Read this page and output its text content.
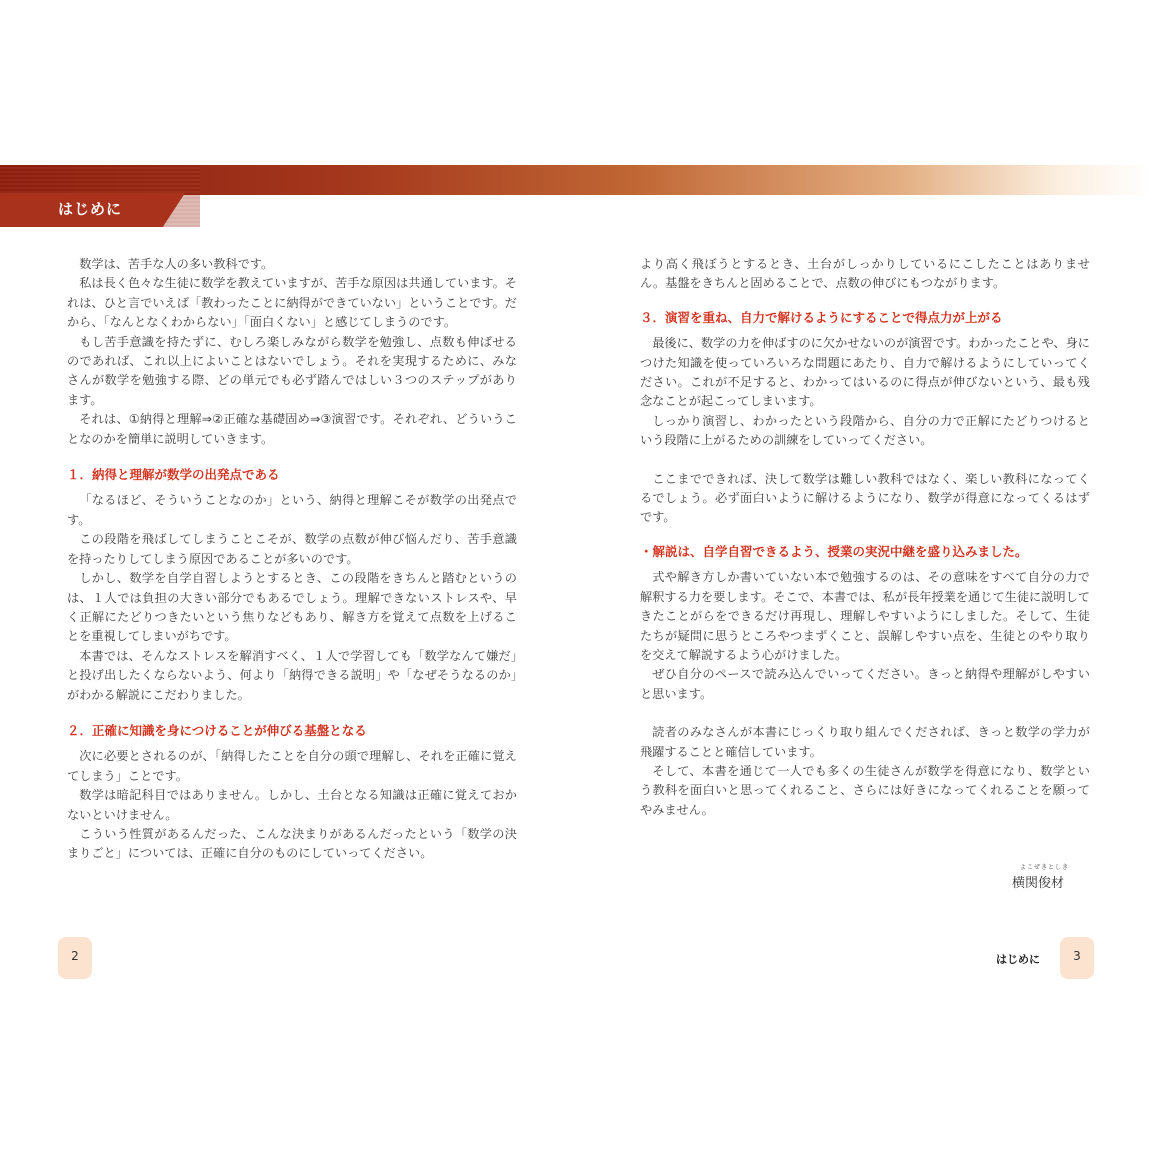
はじめに

数学は、苦手な人の多い教科です。

私は長く色々な生徒に数学を教えていますが、苦手な原因は共通しています。それは、ひと言でいえば「教わったことに納得ができていない」ということです。だから、「なんとなくわからない」「面白くない」と感じてしまうのです。

もし苦手意識を持たずに、むしろ楽しみながら数学を勉強し、点数も伸ばせるのであれば、これ以上によいことはないでしょう。それを実現するために、みなさんが数学を勉強する際、どの単元でも必ず踏んではしい３つのステップがあります。

それは、①納得と理解⇒②正確な基礎固め⇒③演習です。それぞれ、どういうことなのかを簡単に説明していきます。

１．納得と理解が数学の出発点である

「なるほど、そういうことなのか」という、納得と理解こそが数学の出発点です。

この段階を飛ばしてしまうことこそが、数学の点数が伸び悩んだり、苦手意識を持ったりしてしまう原因であることが多いのです。

しかし、数学を自学自習しようとするとき、この段階をきちんと踏むというのは、１人では負担の大きい部分でもあるでしょう。理解できないストレスや、早く正解にたどりつきたいという焦りなどもあり、解き方を覚えて点数を上げることを重視してしまいがちです。

本書では、そんなストレスを解消すべく、１人で学習しても「数学なんて嫌だ」と投げ出したくならないよう、何より「納得できる説明」や「なぜそうなるのか」がわかる解説にこだわりました。

２．正確に知識を身につけることが伸びる基盤となる

次に必要とされるのが、「納得したことを自分の頭で理解し、それを正確に覚えてしまう」ことです。

数学は暗記科目ではありません。しかし、土台となる知識は正確に覚えておかないといけません。

こういう性質があるんだった、こんな決まりがあるんだったという「数学の決まりごと」については、正確に自分のものにしていってください。

より高く飛ぼうとするとき、土台がしっかりしているにこしたことはありません。基盤をきちんと固めることで、点数の伸びにもつながります。

３．演習を重ね、自力で解けるようにすることで得点力が上がる

最後に、数学の力を伸ばすのに欠かせないのが演習です。わかったことや、身につけた知識を使っていろいろな問題にあたり、自力で解けるようにしていってください。これが不足すると、わかってはいるのに得点が伸びないという、最も残念なことが起こってしまいます。

しっかり演習し、わかったという段階から、自分の力で正解にたどりつけるという段階に上がるための訓練をしていってください。

ここまでできれば、決して数学は難しい教科ではなく、楽しい教科になってくるでしょう。必ず面白いように解けるようになり、数学が得意になってくるはずです。

・ 解説は、自学自習できるよう、授業の実況中継を盛り込みました。

式や解き方しか書いていない本で勉強するのは、その意味をすべて自分の力で解釈する力を要します。そこで、本書では、私が長年授業を通じて生徒に説明してきたことがらをできるだけ再現し、理解しやすいようにしました。そして、生徒たちが疑問に思うところやつまずくこと、誤解しやすい点を、生徒とのやり取りを交えて解説するよう心がけました。

ぜひ自分のペースで読み込んでいってください。きっと納得や理解がしやすいと思います。

読者のみなさんが本書にじっくり取り組んでくだされば、きっと数学の学力が飛躍することと確信しています。

そして、本書を通じて一人でも多くの生徒さんが数学を得意になり、数学という教科を面白いと思ってくれること、さらには好きになってくれることを願ってやみません。

よこぜきとしき
横関俊材
2	はじめに	3
